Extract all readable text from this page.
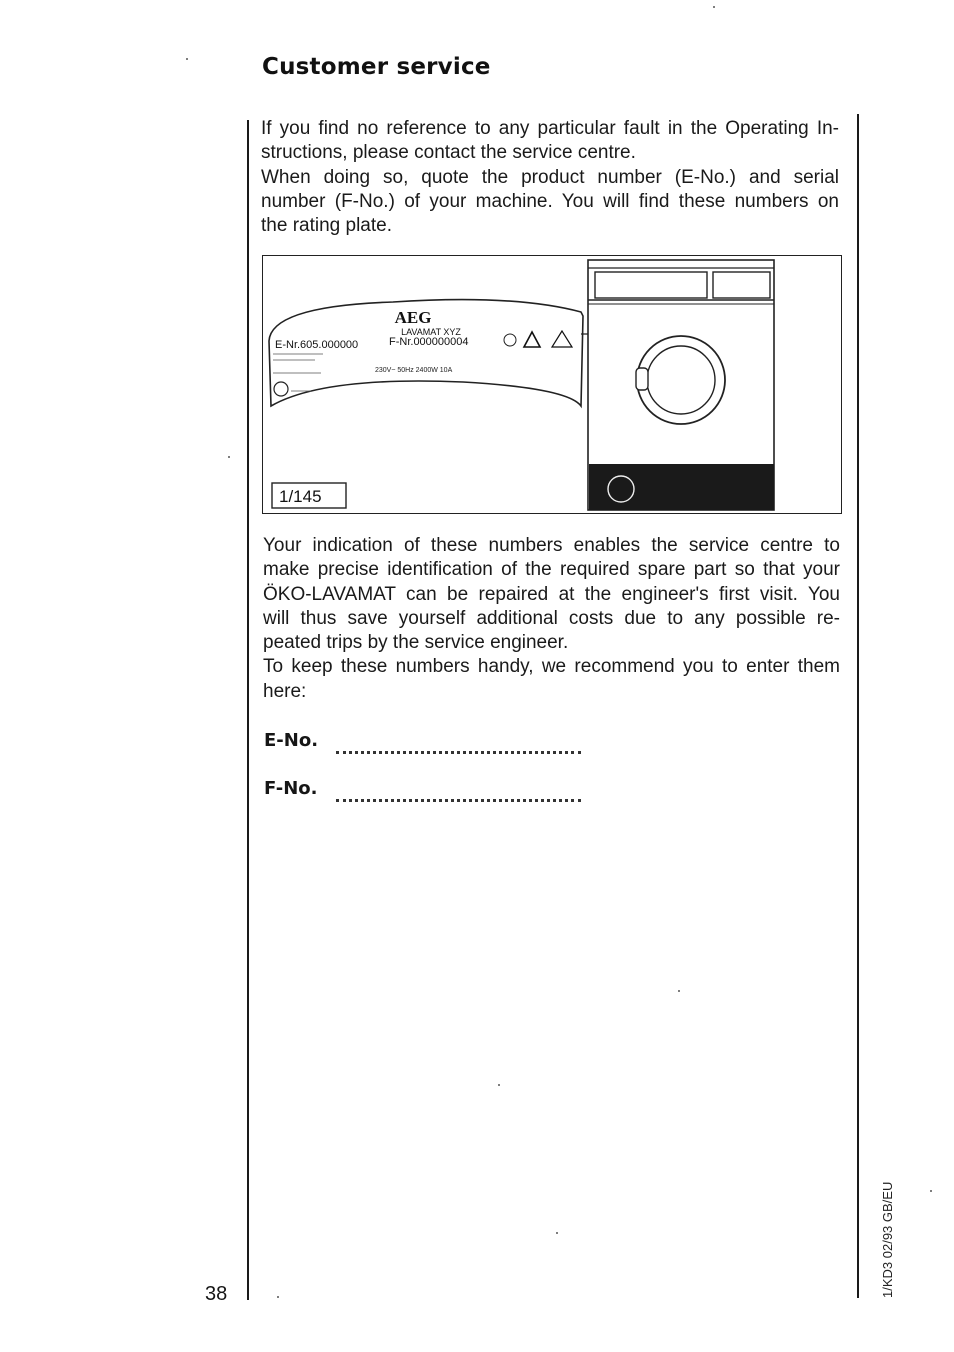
Customer service
If you find no reference to any particular fault in the Operating In-
structions, please contact the service centre.
When doing so, quote the product number (E-No.) and serial
number (F-No.) of your machine. You will find these numbers on
the rating plate.
AEG
LAVAMAT XYZ
E-Nr.605.000000	F-Nr.000000004
230V~ 50Hz 2400W 10A
1/145
Your indication of these numbers enables the service centre to
make precise identification of the required spare part so that your
ÖKO-LAVAMAT can be repaired at the engineer's first visit. You
will thus save yourself additional costs due to any possible re-
peated trips by the service engineer.
To keep these numbers handy, we recommend you to enter them
here:
E-No.
F-No.
38	1/KD3 02/93 GB/EU
